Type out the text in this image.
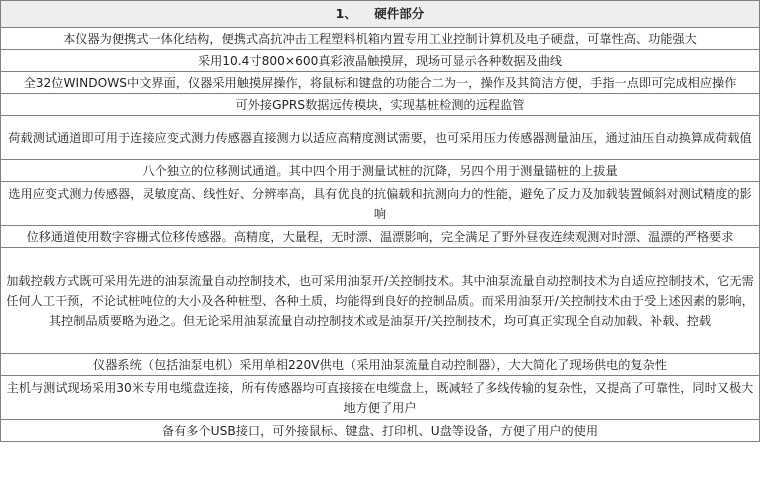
1、 硬件部分
本仪器为便携式一体化结构，便携式高抗冲击工程塑料机箱内置专用工业控制计算机及电子硬盘，可靠性高、功能强大
采用10.4寸800×600真彩液晶触摸屏，现场可显示各种数据及曲线
全32位WINDOWS中文界面，仪器采用触摸屏操作，将鼠标和键盘的功能合二为一，操作及其简洁方便，手指一点即可完成相应操作
可外接GPRS数据远传模块，实现基桩检测的远程监管
荷载测试通道即可用于连接应变式测力传感器直接测力以适应高精度测试需要，也可采用压力传感器测量油压，通过油压自动换算成荷载值
八个独立的位移测试通道。其中四个用于测量试桩的沉降，另四个用于测量锚桩的上拔量
选用应变式测力传感器，灵敏度高、线性好、分辨率高，具有优良的抗偏载和抗测向力的性能，避免了反力及加载装置倾斜对测试精度的影响
位移通道使用数字容栅式位移传感器。高精度，大量程，无时漂、温漂影响，完全满足了野外昼夜连续观测对时漂、温漂的严格要求
加载控载方式既可采用先进的油泵流量自动控制技术，也可采用油泵开/关控制技术。其中油泵流量自动控制技术为自适应控制技术，它无需任何人工干预，不论试桩吨位的大小及各种桩型、各种土质，均能得到良好的控制品质。而采用油泵开/关控制技术由于受上述因素的影响，其控制品质要略为逊之。但无论采用油泵流量自动控制技术或是油泵开/关控制技术，均可真正实现全自动加载、补载、控载
仪器系统（包括油泵电机）采用单相220V供电（采用油泵流量自动控制器），大大简化了现场供电的复杂性
主机与测试现场采用30米专用电缆盘连接，所有传感器均可直接接在电缆盘上，既减轻了多线传输的复杂性，又提高了可靠性，同时又极大地方便了用户
备有多个USB接口，可外接鼠标、键盘、打印机、U盘等设备，方便了用户的使用
